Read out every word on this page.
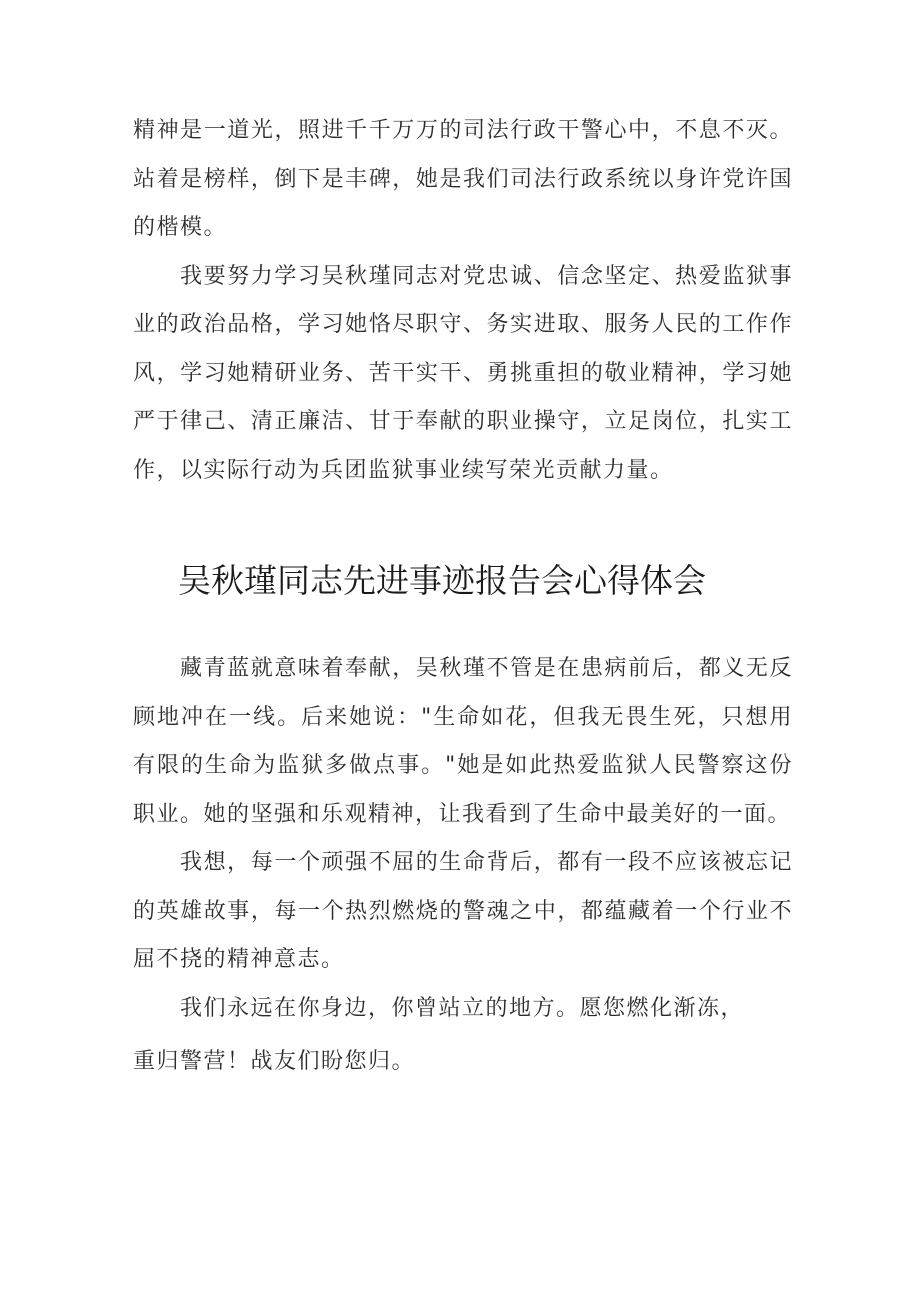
精神是一道光，照进千千万万的司法行政干警心中，不息不灭。站着是榜样，倒下是丰碑，她是我们司法行政系统以身许党许国的楷模。

我要努力学习吴秋瑾同志对党忠诚、信念坚定、热爱监狱事业的政治品格，学习她恪尽职守、务实进取、服务人民的工作作风，学习她精研业务、苦干实干、勇挑重担的敬业精神，学习她严于律己、清正廉洁、甘于奉献的职业操守，立足岗位，扎实工作，以实际行动为兵团监狱事业续写荣光贡献力量。

吴秋瑾同志先进事迹报告会心得体会

藏青蓝就意味着奉献，吴秋瑾不管是在患病前后，都义无反顾地冲在一线。后来她说："生命如花，但我无畏生死，只想用有限的生命为监狱多做点事。"她是如此热爱监狱人民警察这份职业。她的坚强和乐观精神，让我看到了生命中最美好的一面。

我想，每一个顽强不屈的生命背后，都有一段不应该被忘记的英雄故事，每一个热烈燃烧的警魂之中，都蕴藏着一个行业不屈不挠的精神意志。

我们永远在你身边，你曾站立的地方。愿您燃化渐冻，

重归警营！战友们盼您归。
